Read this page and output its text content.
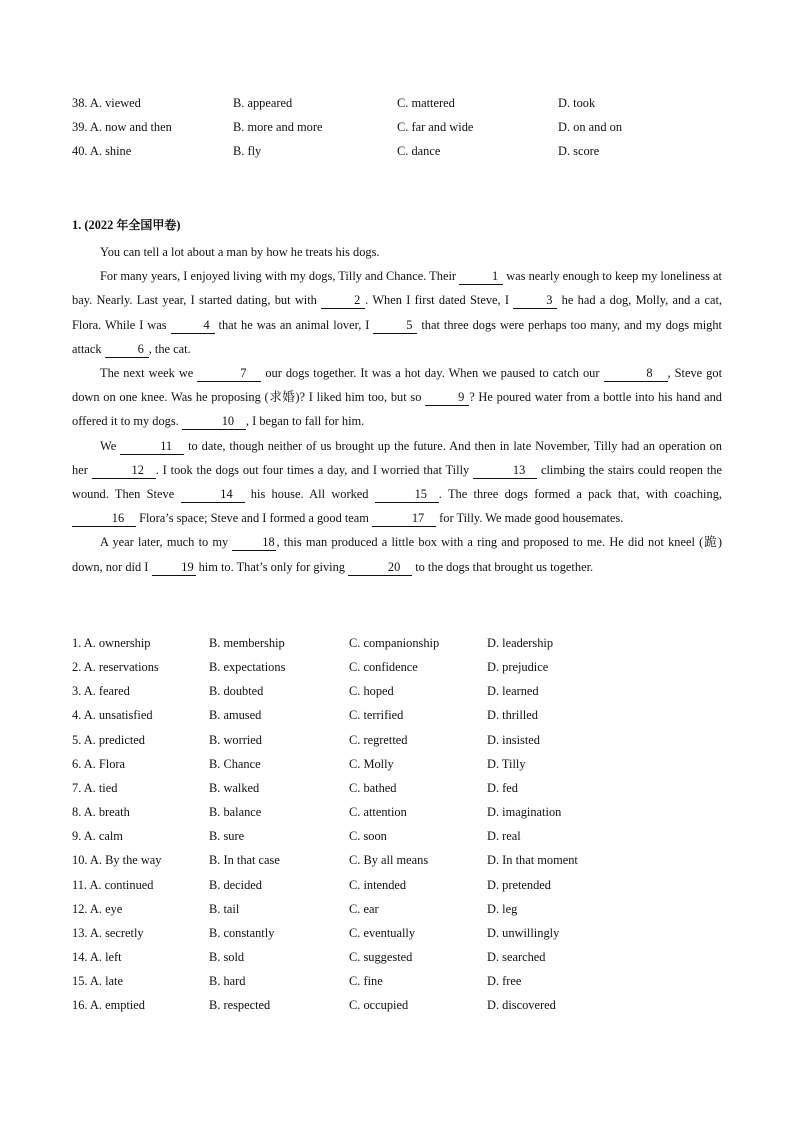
38. A. viewed	B. appeared	C. mattered	D. took
39. A. now and then	B. more and more	C. far and wide	D. on and on
40. A. shine	B. fly	C. dance	D. score
1. (2022 年全国甲卷)

You can tell a lot about a man by how he treats his dogs.

For many years, I enjoyed living with my dogs, Tilly and Chance. Their	1 was nearly enough to keep my loneliness at bay. Nearly. Last year, I started dating, but with	2 . When I first dated Steve, I	3 he had a dog, Molly, and a cat, Flora. While I was	4 that he was an animal lover, I	5 that three dogs were perhaps too many, and my dogs might attack	6 , the cat.

The next week we	7 our dogs together. It was a hot day. When we paused to catch our	8 , Steve got down on one knee. Was he proposing (求婚)? I liked him too, but so	9 ? He poured water from a bottle into his hand and offered it to my dogs.	10 , I began to fall for him.

We	11 to date, though neither of us brought up the future. And then in late November, Tilly had an operation on her	12 . I took the dogs out four times a day, and I worried that Tilly	13 climbing the stairs could reopen the wound. Then Steve	14 his house. All worked	15 . The three dogs formed a pack that, with coaching, 16 Flora’s space; Steve and I formed a good team	17 for Tilly. We made good housemates.

A year later, much to my 18 , this man produced a little box with a ring and proposed to me. He did not kneel (跪) down, nor did I 19 him to. That’s only for giving	20 to the dogs that brought us together.

1. A. ownership	B. membership	C. companionship	D. leadership
2. A. reservations	B. expectations	C. confidence	D. prejudice
3. A. feared	B. doubted	C. hoped	D. learned
4. A. unsatisfied	B. amused	C. terrified	D. thrilled
5. A. predicted	B. worried	C. regretted	D. insisted
6. A. Flora	B. Chance	C. Molly	D. Tilly
7. A. tied	B. walked	C. bathed	D. fed
8. A. breath	B. balance	C. attention	D. imagination
9. A. calm	B. sure	C. soon	D. real
10. A. By the way	B. In that case	C. By all means	D. In that moment
11. A. continued	B. decided	C. intended	D. pretended
12. A. eye	B. tail	C. ear	D. leg
13. A. secretly	B. constantly	C. eventually	D. unwillingly
14. A. left	B. sold	C. suggested	D. searched
15. A. late	B. hard	C. fine	D. free
16. A. emptied	B. respected	C. occupied	D. discovered
